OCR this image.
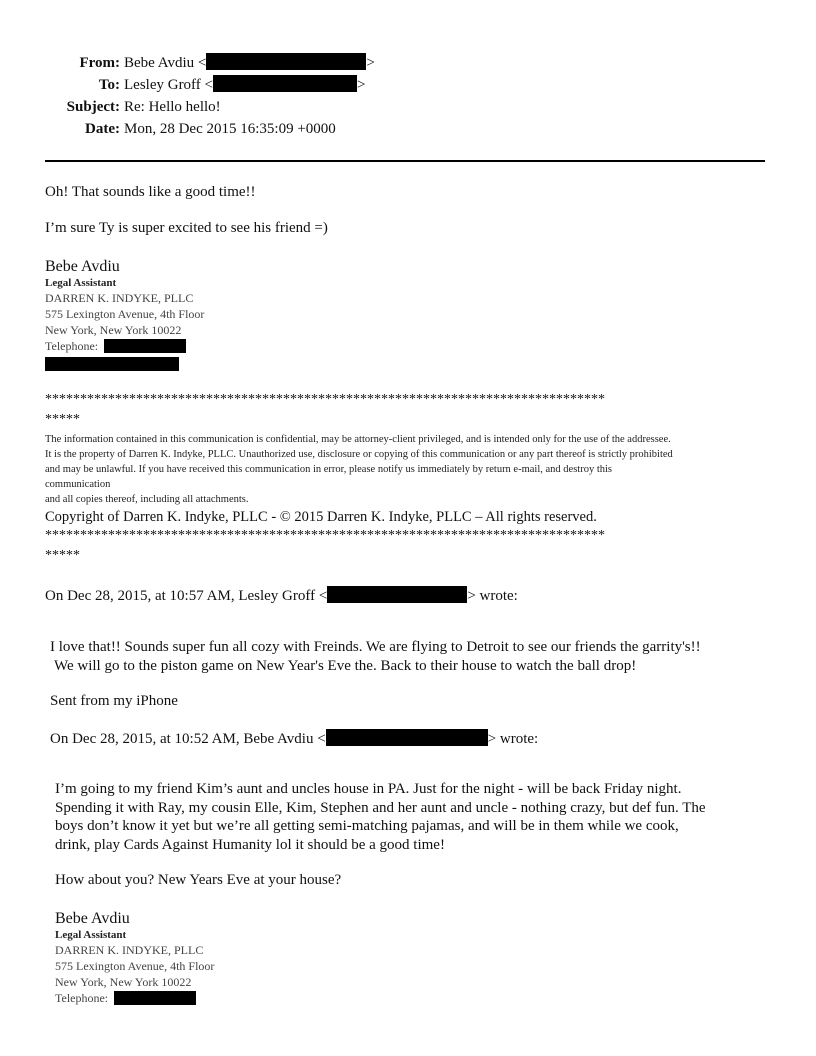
From: Bebe Avdiu <	>
To: Lesley Groff <	>
Subject: Re: Hello hello!
Date: Mon, 28 Dec 2015 16:35:09 +0000
Oh! That sounds like a good time!!
I’m sure Ty is super excited to see his friend =)
Bebe Avdiu
Legal Assistant
DARREN K. INDYKE, PLLC
575 Lexington Avenue, 4th Floor
New York, New York 10022
Telephone:
********************************************************************************
*****
The information contained in this communication is confidential, may be attorney-client privileged, and is intended only for the use of the addressee.
It is the property of Darren K. Indyke, PLLC. Unauthorized use, disclosure or copying of this communication or any part thereof is strictly prohibited
and may be unlawful. If you have received this communication in error, please notify us immediately by return e-mail, and destroy this
communication
and all copies thereof, including all attachments.
Copyright of Darren K. Indyke, PLLC - © 2015 Darren K. Indyke, PLLC – All rights reserved.
********************************************************************************
*****
On Dec 28, 2015, at 10:57 AM, Lesley Groff <	> wrote:
I love that!! Sounds super fun all cozy with Freinds. We are flying to Detroit to see our friends the garrity's!!
We will go to the piston game on New Year's Eve the. Back to their house to watch the ball drop!
Sent from my iPhone
On Dec 28, 2015, at 10:52 AM, Bebe Avdiu <	> wrote:
I’m going to my friend Kim’s aunt and uncles house in PA. Just for the night - will be back Friday night.
Spending it with Ray, my cousin Elle, Kim, Stephen and her aunt and uncle - nothing crazy, but def fun. The
boys don’t know it yet but we’re all getting semi-matching pajamas, and will be in them while we cook,
drink, play Cards Against Humanity lol it should be a good time!
How about you? New Years Eve at your house?
Bebe Avdiu
Legal Assistant
DARREN K. INDYKE, PLLC
575 Lexington Avenue, 4th Floor
New York, New York 10022
Telephone:
